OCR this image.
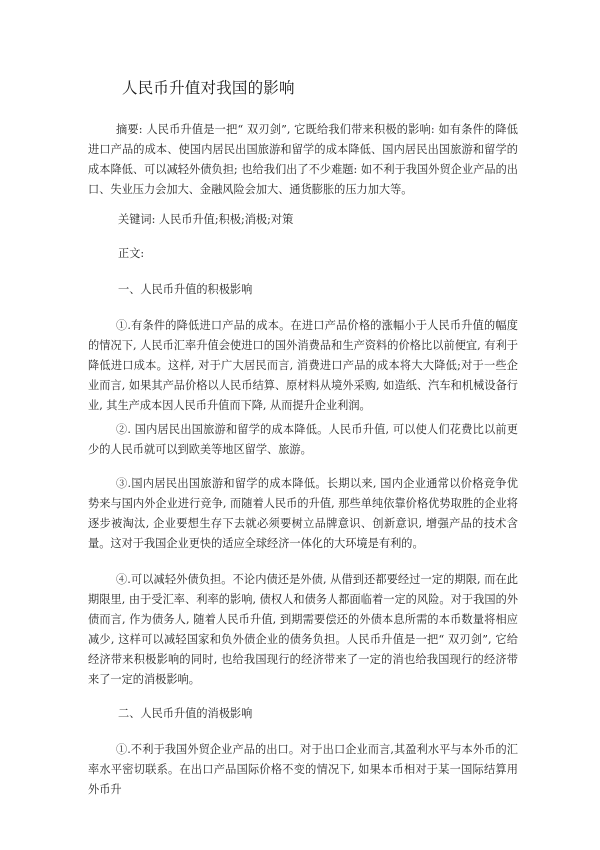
人民币升值对我国的影响
摘要: 人民币升值是一把“ 双刃剑”, 它既给我们带来积极的影响: 如有条件的降低进口产品的成本、使国内居民出国旅游和留学的成本降低、国内居民出国旅游和留学的成本降低、可以减轻外债负担; 也给我们出了不少难题: 如不利于我国外贸企业产品的出口、失业压力会加大、金融风险会加大、通货膨胀的压力加大等。
关键词: 人民币升值;积极;消极;对策
正文:
一、人民币升值的积极影响
①.有条件的降低进口产品的成本。在进口产品价格的涨幅小于人民币升值的幅度的情况下, 人民币汇率升值会使进口的国外消费品和生产资料的价格比以前便宜, 有利于降低进口成本。这样, 对于广大居民而言, 消费进口产品的成本将大大降低;对于一些企业而言, 如果其产品价格以人民币结算、原材料从境外采购, 如造纸、汽车和机械设备行业, 其生产成本因人民币升值而下降, 从而提升企业利润。
②. 国内居民出国旅游和留学的成本降低。人民币升值, 可以使人们花费比以前更少的人民币就可以到欧美等地区留学、旅游。
③.国内居民出国旅游和留学的成本降低。长期以来, 国内企业通常以价格竞争优势来与国内外企业进行竞争, 而随着人民币的升值, 那些单纯依靠价格优势取胜的企业将逐步被淘汰, 企业要想生存下去就必须要树立品牌意识、创新意识, 增强产品的技术含量。这对于我国企业更快的适应全球经济一体化的大环境是有利的。
④.可以减轻外债负担。不论内债还是外债, 从借到还都要经过一定的期限, 而在此期限里, 由于受汇率、利率的影响, 债权人和债务人都面临着一定的风险。对于我国的外债而言, 作为债务人, 随着人民币升值, 到期需要偿还的外债本息所需的本币数量将相应减少, 这样可以减轻国家和负外债企业的债务负担。人民币升值是一把“ 双刃剑”, 它给经济带来积极影响的同时, 也给我国现行的经济带来了一定的消也给我国现行的经济带来了一定的消极影响。
二、人民币升值的消极影响
①.不利于我国外贸企业产品的出口。对于出口企业而言,其盈利水平与本外币的汇率水平密切联系。在出口产品国际价格不变的情况下, 如果本币相对于某一国际结算用外币升
